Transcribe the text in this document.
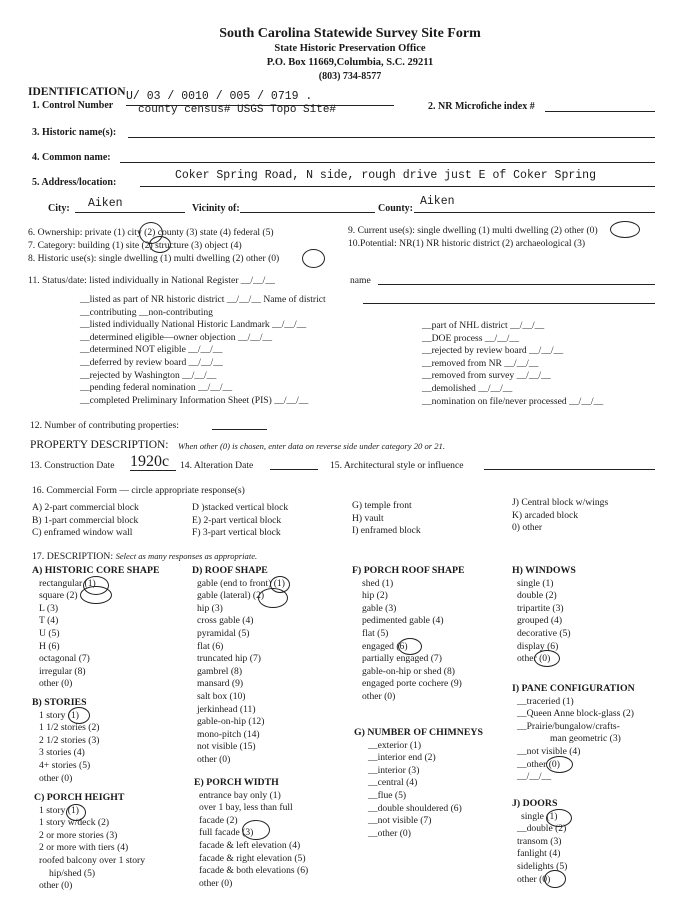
South Carolina Statewide Survey Site Form
State Historic Preservation Office
P.O. Box 11669,Columbia, S.C. 29211
(803) 734-8577
IDENTIFICATION
1. Control Number
U/ 03 / 0010 / 005 / 0719 .
county census# USGS Topo Site#	2. NR Microfiche index #
3. Historic name(s):
4. Common name:
5. Address/location:
Coker Spring Road, N side, rough drive just E of Coker Spring
City: Aiken	Vicinity of:	County:
Aiken
6. Ownership: private (1) city (2) county (3) state (4) federal (5)
7. Category: building (1) site (2) structure (3) object (4)
8. Historic use(s): single dwelling (1) multi dwelling (2) other (0)
9. Current use(s): single dwelling (1) multi dwelling (2) other (0)
10.Potential: NR(1) NR historic district (2) archaeological (3)
11. Status/date: listed individually in National Register __/__/__	name
__listed as part of NR historic district __/__/__ Name of district
__contributing __non-contributing
__listed individually National Historic Landmark __/__/__
__determined eligible—owner objection __/__/__
__determined NOT eligible __/__/__
__deferred by review board __/__/__
__rejected by Washington __/__/__
__pending federal nomination __/__/__
__completed Preliminary Information Sheet (PIS) __/__/__
__part of NHL district __/__/__
__DOE process __/__/__
__rejected by review board __/__/__
__removed from NR __/__/__
__removed from survey __/__/__
__demolished __/__/__
__nomination on file/never processed __/__/__
12. Number of contributing properties:
PROPERTY DESCRIPTION: When other (0) is chosen, enter data on reverse side under category 20 or 21.
13. Construction Date 1920c 14. Alteration Date	15. Architectural style or influence
16. Commercial Form — circle appropriate response(s)
A) 2-part commercial block
B) 1-part commercial block
C) enframed window wall
D )stacked vertical block
E) 2-part vertical block
F) 3-part vertical block
G) temple front
H) vault
I) enframed block
J) Central block w/wings
K) arcaded block
0) other
17. DESCRIPTION: Select as many responses as appropriate.
A) HISTORIC CORE SHAPE
rectangular (1)
square (2)
L (3)
T (4)
U (5)
H (6)
octagonal (7)
irregular (8)
other (0)
B) STORIES
1 story (1)
1 1/2 stories (2)
2 1/2 stories (3)
3 stories (4)
4+ stories (5)
other (0)
C) PORCH HEIGHT
1 story (1)
1 story w/deck (2)
2 or more stories (3)
2 or more with tiers (4)
roofed balcony over 1 story
hip/shed (5)
other (0)
D) ROOF SHAPE
gable (end to front) (1)
gable (lateral) (2)
hip (3)
cross gable (4)
pyramidal (5)
flat (6)
truncated hip (7)
gambrel (8)
mansard (9)
salt box (10)
jerkinhead (11)
gable-on-hip (12)
mono-pitch (14)
not visible (15)
other (0)
E) PORCH WIDTH
entrance bay only (1)
over 1 bay, less than full
facade (2)
full facade (3)
facade & left elevation (4)
facade & right elevation (5)
facade & both elevations (6)
other (0)
F) PORCH ROOF SHAPE
shed (1)
hip (2)
gable (3)
pedimented gable (4)
flat (5)
engaged (6)
partially engaged (7)
gable-on-hip or shed (8)
engaged porte cochere (9)
other (0)
G) NUMBER OF CHIMNEYS
__exterior (1)
__interior end (2)
__interior (3)
__central (4)
__flue (5)
__double shouldered (6)
__not visible (7)
__other (0)
H) WINDOWS
single (1)
double (2)
tripartite (3)
grouped (4)
decorative (5)
display (6)
other (0)
I) PANE CONFIGURATION
__traceried (1)
__Queen Anne block-glass (2)
__Prairie/bungalow/crafts-
man geometric (3)
__not visible (4)
__other (0)
__/__/__
J) DOORS
single (1)
__double (2)
transom (3)
fanlight (4)
sidelights (5)
other (0)
